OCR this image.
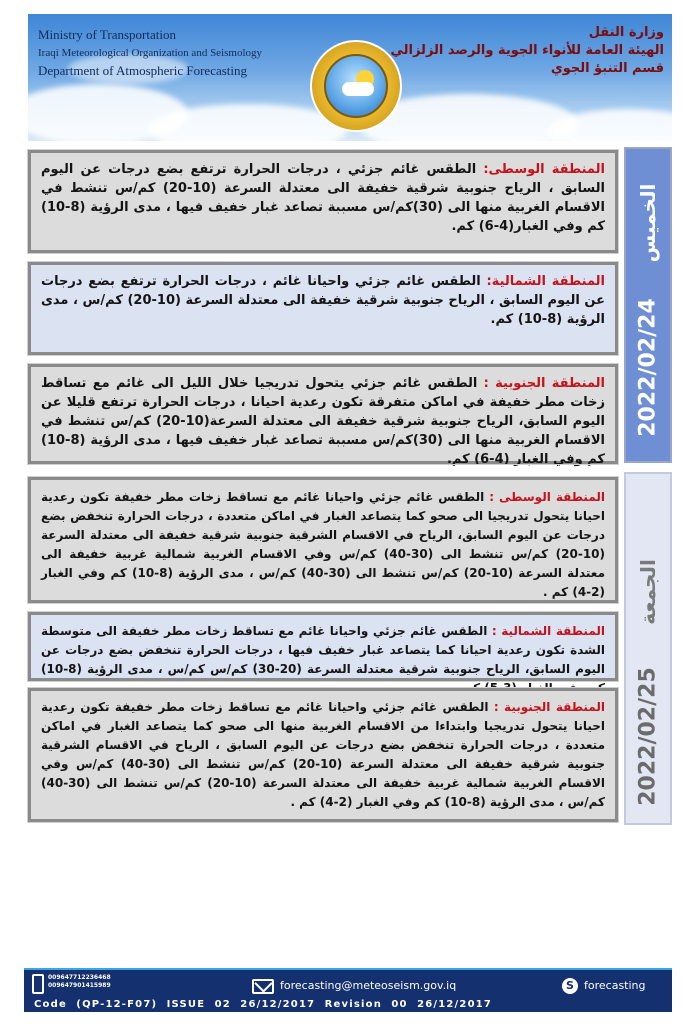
Ministry of Transportation
Iraqi Meteorological Organization and Seismology
Department of Atmospheric Forecasting
وزارة النقل
الهيئة العامة للأنواء الجوية والرصد الزلزالي
قسم التنبؤ الجوي
الخميس
2022/02/24
المنطقة الوسطى: الطقس غائم جزئي ، درجات الحرارة ترتفع بضع درجات عن اليوم السابق ، الرياح جنوبية شرقية خفيفة الى معتدلة السرعة (10-20) كم/س تنشط في الاقسام الغربية منها الى (30)كم/س مسببة تصاعد غبار خفيف فيها ، مدى الرؤية (8-10) كم وفي الغبار(4-6) كم.
المنطقة الشمالية: الطقس غائم جزئي واحيانا غائم ، درجات الحرارة ترتفع بضع درجات عن اليوم السابق ، الرياح جنوبية شرقية خفيفة الى معتدلة السرعة (10-20) كم/س ، مدى الرؤية (8-10) كم.
المنطقة الجنوبية : الطقس غائم جزئي يتحول تدريجيا خلال الليل الى غائم مع تساقط زخات مطر خفيفة في اماكن متفرقة تكون رعدية احيانا ، درجات الحرارة ترتفع قليلا عن اليوم السابق، الرياح جنوبية شرقية خفيفة الى معتدلة السرعة(10-20) كم/س تنشط في الاقسام الغربية منها الى (30)كم/س مسببة تصاعد غبار خفيف فيها ، مدى الرؤية (8-10) كم وفي الغبار (4-6) كم.
الجمعة
2022/02/25
المنطقة الوسطى : الطقس غائم جزئي واحيانا غائم مع تساقط زخات مطر خفيفة تكون رعدية احيانا يتحول تدريجيا الى صحو كما يتصاعد الغبار في اماكن متعددة ، درجات الحرارة تنخفض بضع درجات عن اليوم السابق، الرياح في الاقسام الشرقية جنوبية شرقية خفيفة الى معتدلة السرعة (10-20) كم/س تنشط الى (30-40) كم/س وفي الاقسام الغربية شمالية غربية خفيفة الى معتدلة السرعة (10-20) كم/س تنشط الى (30-40) كم/س ، مدى الرؤية (8-10) كم وفي الغبار (2-4) كم .
المنطقة الشمالية : الطقس غائم جزئي واحيانا غائم مع تساقط زخات مطر خفيفة الى متوسطة الشدة تكون رعدية احيانا كما يتصاعد غبار خفيف فيها ، درجات الحرارة تنخفض بضع درجات عن اليوم السابق، الرياح جنوبية شرقية معتدلة السرعة (20-30) كم/س كم/س ، مدى الرؤية (8-10)
المنطقة الجنوبية : الطقس غائم جزئي واحيانا غائم مع تساقط زخات مطر خفيفة تكون رعدية احيانا يتحول تدريجيا وابتداءا من الاقسام الغربية منها الى صحو كما يتصاعد الغبار في اماكن متعددة ، درجات الحرارة تنخفض بضع درجات عن اليوم السابق ، الرياح في الاقسام الشرقية جنوبية شرقية خفيفة الى معتدلة السرعة (10-20) كم/س تنشط الى (30-40) كم/س وفي الاقسام الغربية شمالية غربية خفيفة الى معتدلة السرعة (10-20) كم/س تنشط الى (30-40) كم/س ، مدى الرؤية (8-10) كم وفي الغبار (2-4) كم .
009647712236468
009647901415989	forecasting@meteoseism.gov.iq	S forecasting
Code  (QP-12-F07)  ISSUE  02  26/12/2017  Revision  00  26/12/2017
